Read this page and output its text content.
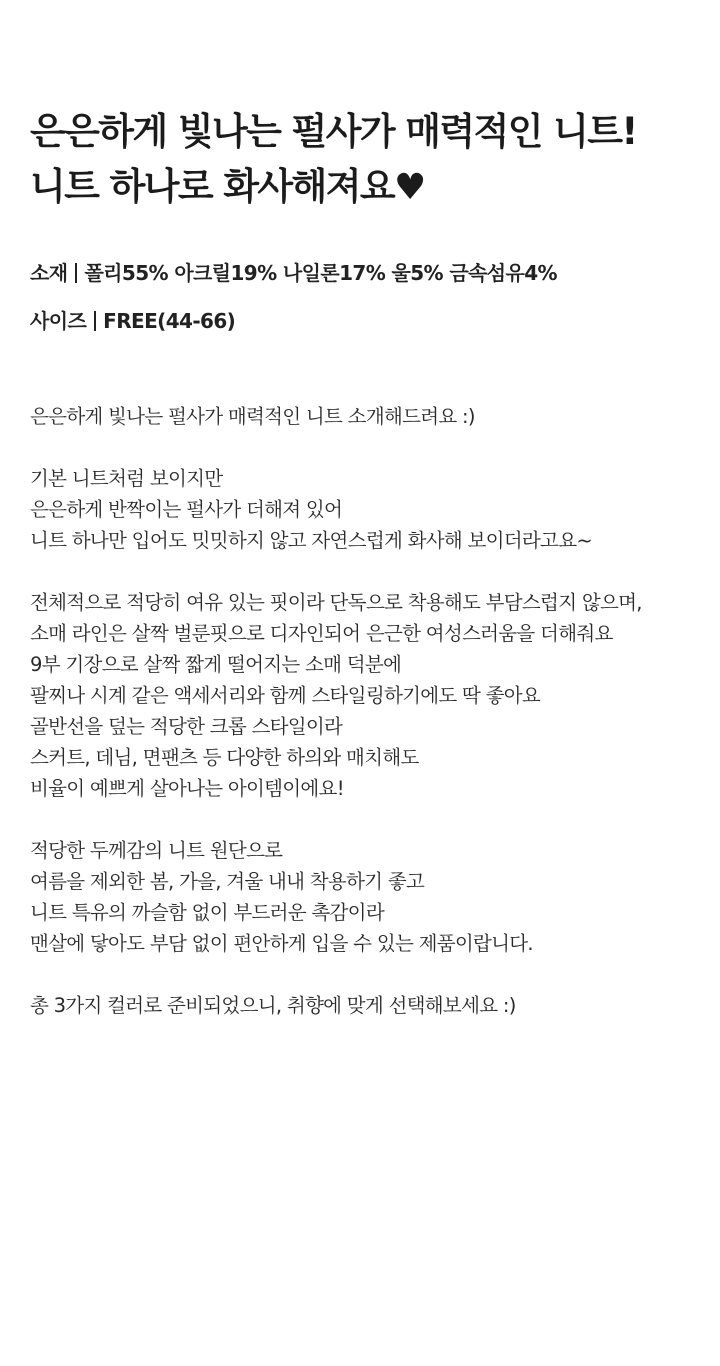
은은하게 빛나는 펄사가 매력적인 니트!
니트 하나로 화사해져요♥
소재 폴리55% 아크릴19% 나일론17% 울5% 금속섬유4%
사이즈 FREE(44-66)

은은하게 빛나는 펄사가 매력적인 니트 소개해드려요 :)

기본 니트처럼 보이지만
은은하게 반짝이는 펄사가 더해져 있어
니트 하나만 입어도 밋밋하지 않고 자연스럽게 화사해 보이더라고요~

전체적으로 적당히 여유 있는 핏이라 단독으로 착용해도 부담스럽지 않으며,
소매 라인은 살짝 벌룬핏으로 디자인되어 은근한 여성스러움을 더해줘요
9부 기장으로 살짝 짧게 떨어지는 소매 덕분에
팔찌나 시계 같은 액세서리와 함께 스타일링하기에도 딱 좋아요
골반선을 덮는 적당한 크롭 스타일이라
스커트, 데님, 면팬츠 등 다양한 하의와 매치해도
비율이 예쁘게 살아나는 아이템이에요!

적당한 두께감의 니트 원단으로
여름을 제외한 봄, 가을, 겨울 내내 착용하기 좋고
니트 특유의 까슬함 없이 부드러운 촉감이라
맨살에 닿아도 부담 없이 편안하게 입을 수 있는 제품이랍니다.

총 3가지 컬러로 준비되었으니, 취향에 맞게 선택해보세요 :)
